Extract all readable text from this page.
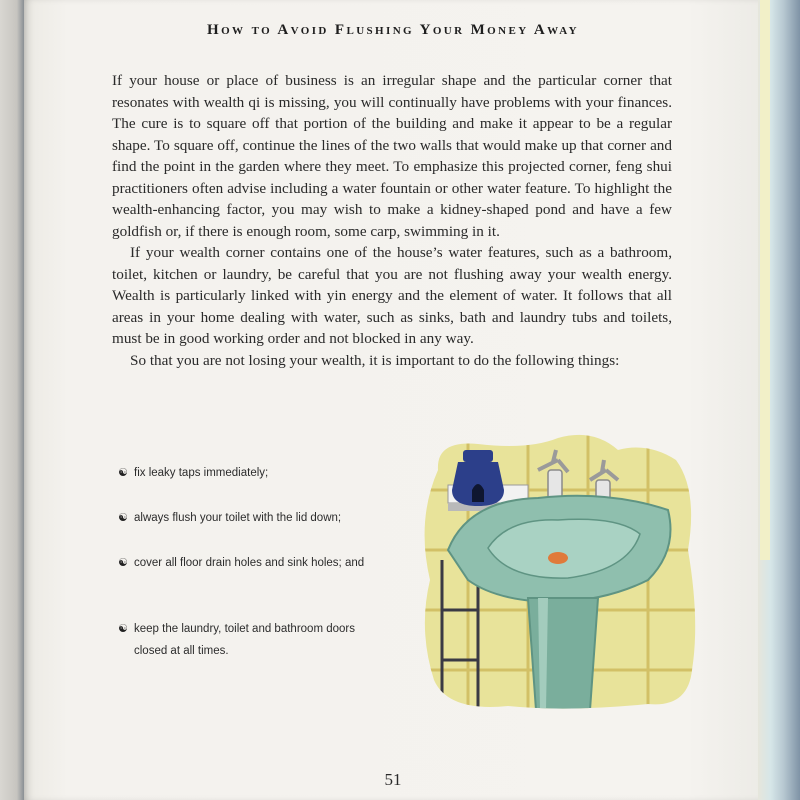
How to Avoid Flushing Your Money Away

If your house or place of business is an irregular shape and the particular corner that resonates with wealth qi is missing, you will continually have problems with your finances. The cure is to square off that portion of the building and make it appear to be a regular shape. To square off, continue the lines of the two walls that would make up that corner and find the point in the garden where they meet. To emphasize this projected corner, feng shui practitioners often advise including a water fountain or other water feature. To highlight the wealth-enhancing factor, you may wish to make a kidney-shaped pond and have a few goldfish or, if there is enough room, some carp, swimming in it.

If your wealth corner contains one of the house’s water features, such as a bathroom, toilet, kitchen or laundry, be careful that you are not flushing away your wealth energy. Wealth is particularly linked with yin energy and the element of water. It follows that all areas in your home dealing with water, such as sinks, bath and laundry tubs and toilets, must be in good working order and not blocked in any way.

So that you are not losing your wealth, it is important to do the following things:

☯ fix leaky taps immediately;
☯ always flush your toilet with the lid down;
☯ cover all floor drain holes and sink holes; and
☯ keep the laundry, toilet and bathroom doors closed at all times.
51
